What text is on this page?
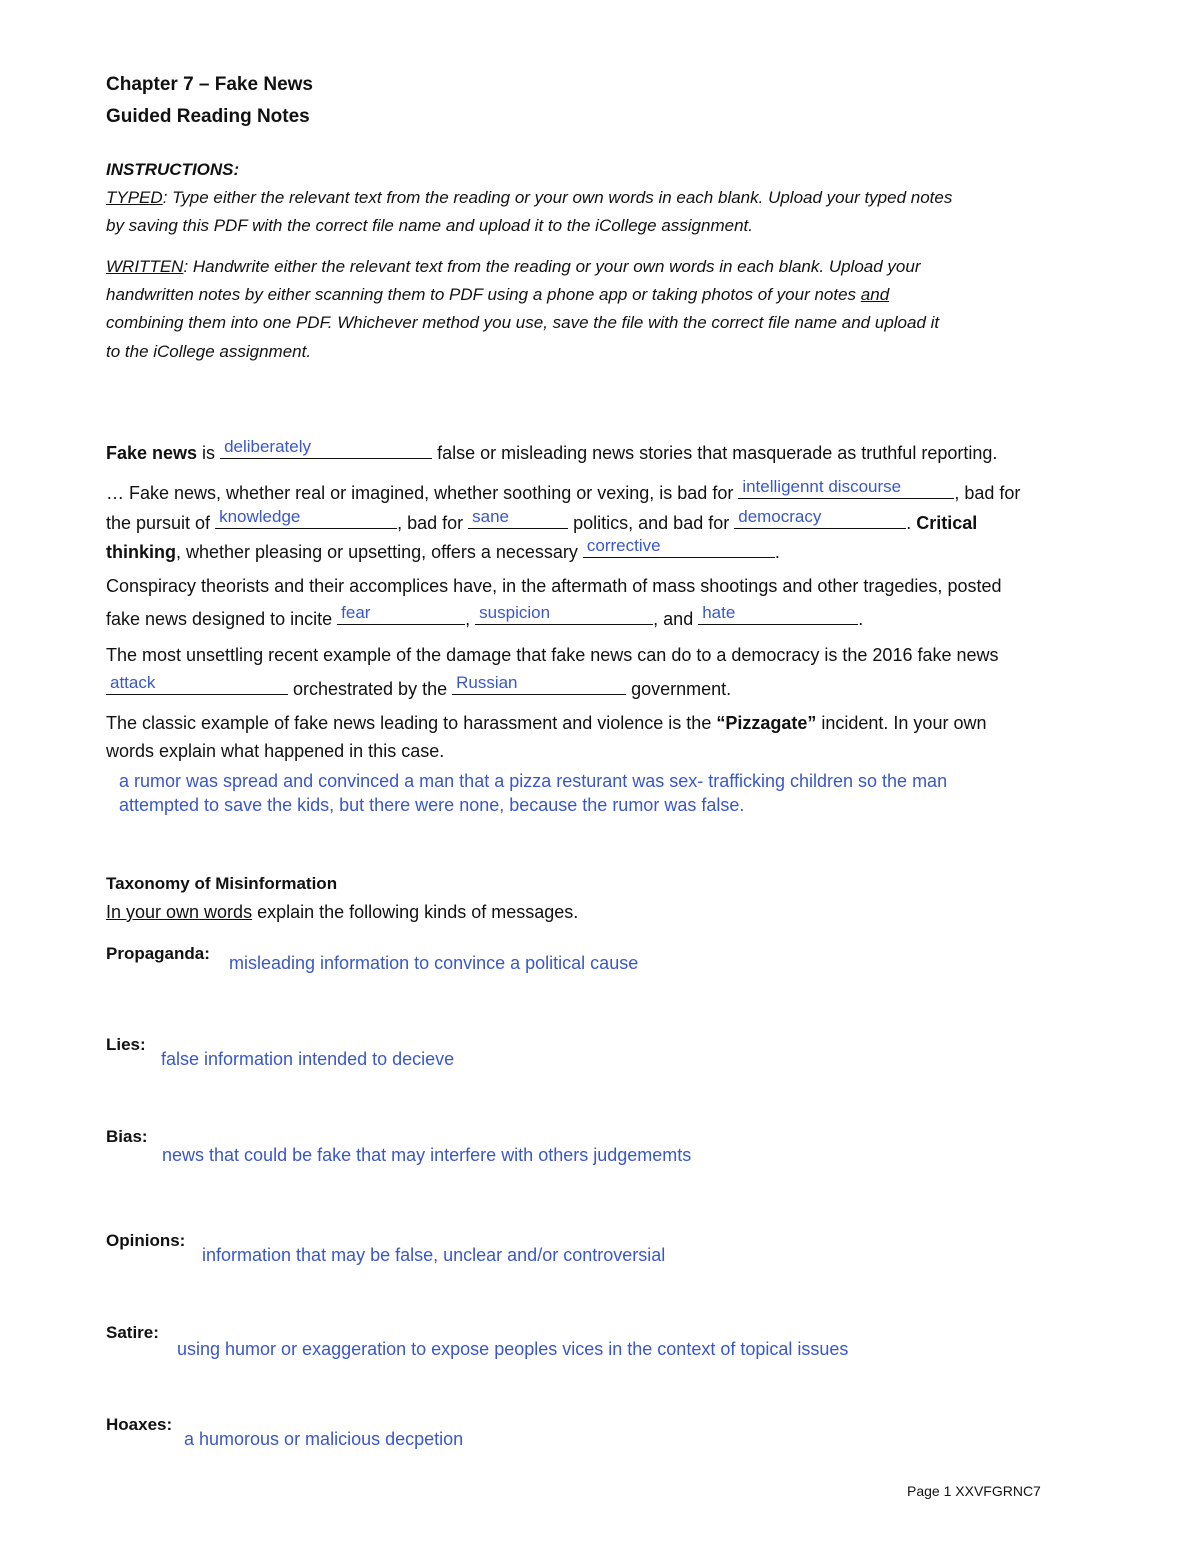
Chapter 7 – Fake News
Guided Reading Notes
INSTRUCTIONS:
TYPED: Type either the relevant text from the reading or your own words in each blank. Upload your typed notes
by saving this PDF with the correct file name and upload it to the iCollege assignment.
WRITTEN: Handwrite either the relevant text from the reading or your own words in each blank. Upload your
handwritten notes by either scanning them to PDF using a phone app or taking photos of your notes and
combining them into one PDF. Whichever method you use, save the file with the correct file name and upload it
to the iCollege assignment.
Fake news is deliberately	false or misleading news stories that masquerade as truthful reporting.
… Fake news, whether real or imagined, whether soothing or vexing, is bad for intelligennt discourse	, bad for
the pursuit of knowledge	, bad for sane	politics, and bad for democracy	. Critical
thinking, whether pleasing or upsetting, offers a necessary corrective	.
Conspiracy theorists and their accomplices have, in the aftermath of mass shootings and other tragedies, posted
fake news designed to incite fear	, suspicion	, and hate	.
The most unsettling recent example of the damage that fake news can do to a democracy is the 2016 fake news
attack	orchestrated by the Russian	government.
The classic example of fake news leading to harassment and violence is the “Pizzagate” incident. In your own
words explain what happened in this case.
a rumor was spread and convinced a man that a pizza resturant was sex- trafficking children so the man
attempted to save the kids, but there were none, because the rumor was false.
Taxonomy of Misinformation
In your own words explain the following kinds of messages.
Propaganda: misleading information to convince a political cause
Lies:
false information intended to decieve
Bias:
news that could be fake that may interfere with others judgememts
Opinions:
information that may be false, unclear and/or controversial
Satire:
using humor or exaggeration to expose peoples vices in the context of topical issues
Hoaxes:
a humorous or malicious decpetion
Page 1 XXVFGRNC7
